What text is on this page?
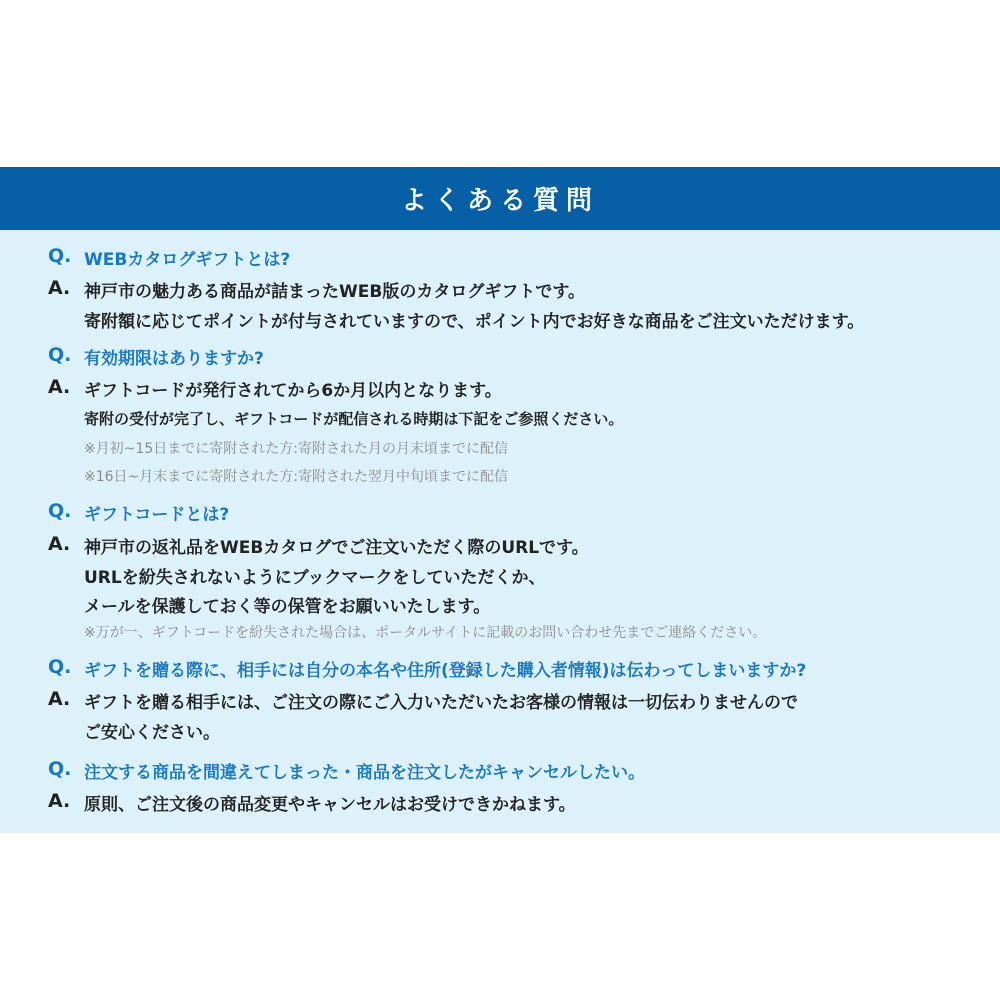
よくある質問
Q. WEBカタログギフトとは?
A. 神戸市の魅力ある商品が詰まったWEB版のカタログギフトです。
寄附額に応じてポイントが付与されていますので、ポイント内でお好きな商品をご注文いただけます。
Q. 有効期限はありますか?
A. ギフトコードが発行されてから6か月以内となります。
寄附の受付が完了し、ギフトコードが配信される時期は下記をご参照ください。
※月初~15日までに寄附された方:寄附された月の月末頃までに配信
※16日~月末までに寄附された方:寄附された翌月中旬頃までに配信
Q. ギフトコードとは?
A. 神戸市の返礼品をWEBカタログでご注文いただく際のURLです。
URLを紛失されないようにブックマークをしていただくか、
メールを保護しておく等の保管をお願いいたします。
※万が一、ギフトコードを紛失された場合は、ポータルサイトに記載のお問い合わせ先までご連絡ください。
Q. ギフトを贈る際に、相手には自分の本名や住所(登録した購入者情報)は伝わってしまいますか?
A. ギフトを贈る相手には、ご注文の際にご入力いただいたお客様の情報は一切伝わりませんので
ご安心ください。
Q. 注文する商品を間違えてしまった・商品を注文したがキャンセルしたい。
A. 原則、ご注文後の商品変更やキャンセルはお受けできかねます。
